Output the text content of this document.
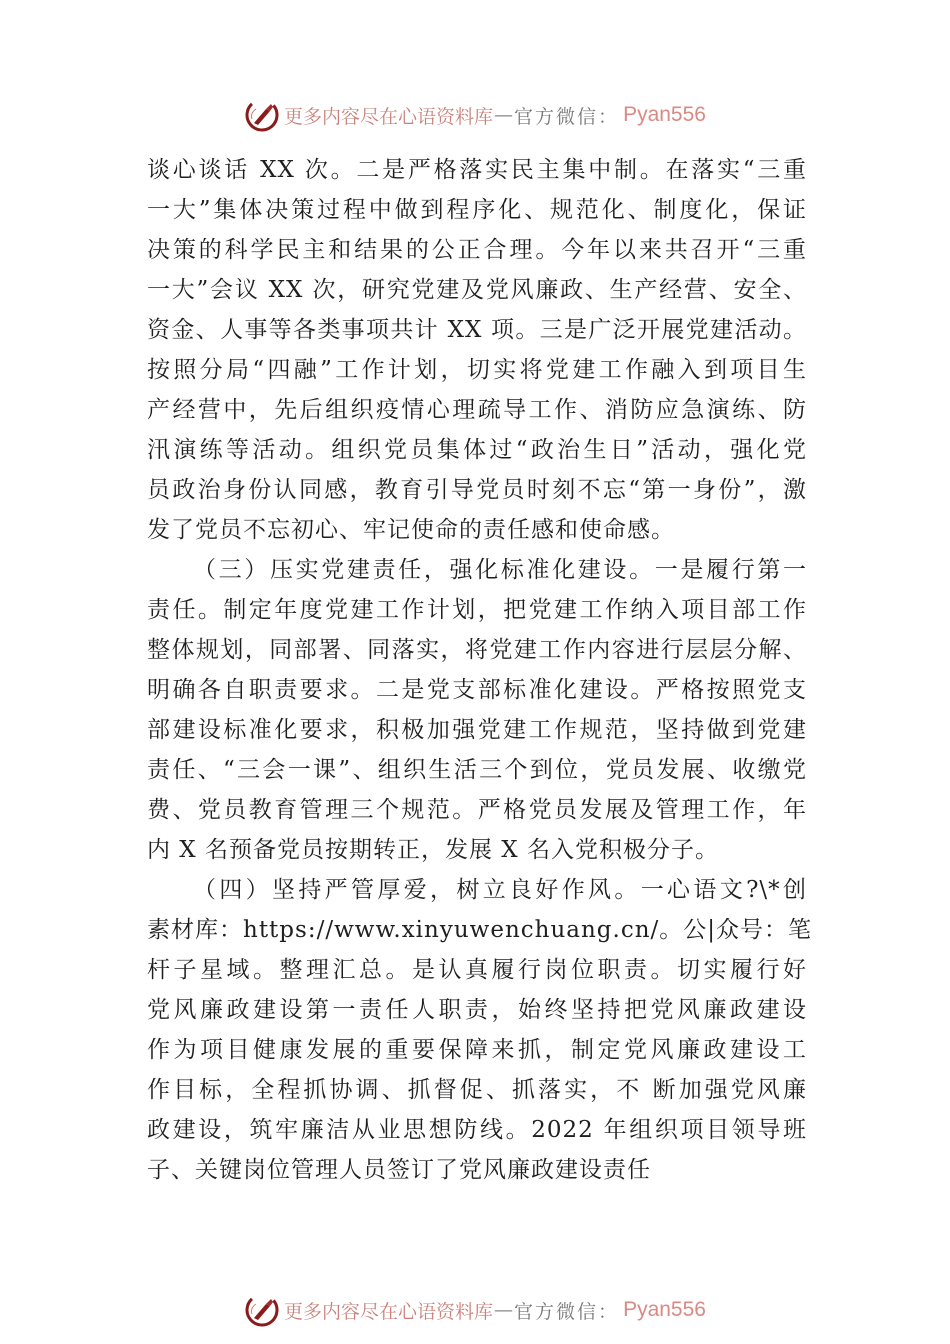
更多内容尽在心语资料库 — 官方微信： Pyan556
谈心谈话 XX 次。二是严格落实民主集中制。在落实“三重
一大”集体决策过程中做到程序化、规范化、制度化，保证
决策的科学民主和结果的公正合理。今年以来共召开“三重
一大”会议 XX 次，研究党建及党风廉政、生产经营、安全、
资金、人事等各类事项共计 XX 项。三是广泛开展党建活动。
按照分局“四融”工作计划，切实将党建工作融入到项目生
产经营中，先后组织疫情心理疏导工作、消防应急演练、防
汛演练等活动。组织党员集体过“政治生日”活动，强化党
员政治身份认同感，教育引导党员时刻不忘“第一身份”，激
发了党员不忘初心、牢记使命的责任感和使命感。
（三）压实党建责任，强化标准化建设。一是履行第一
责任。制定年度党建工作计划，把党建工作纳入项目部工作
整体规划，同部署、同落实，将党建工作内容进行层层分解、
明确各自职责要求。二是党支部标准化建设。严格按照党支
部建设标准化要求，积极加强党建工作规范，坚持做到党建
责任、“三会一课”、组织生活三个到位，党员发展、收缴党
费、党员教育管理三个规范。严格党员发展及管理工作，年
内 X 名预备党员按期转正，发展 X 名入党积极分子。
（四）坚持严管厚爱，树立良好作风。一心语文?\*创
素材库：https://www.xinyuwenchuang.cn/。公|众号：笔
杆子星域。整理汇总。是认真履行岗位职责。切实履行好
党风廉政建设第一责任人职责，始终坚持把党风廉政建设
作为项目健康发展的重要保障来抓，制定党风廉政建设工
作目标，全程抓协调、抓督促、抓落实，不 断加强党风廉
政建设，筑牢廉洁从业思想防线。2022 年组织项目领导班
子、关键岗位管理人员签订了党风廉政建设责任
更多内容尽在心语资料库 — 官方微信： Pyan556
